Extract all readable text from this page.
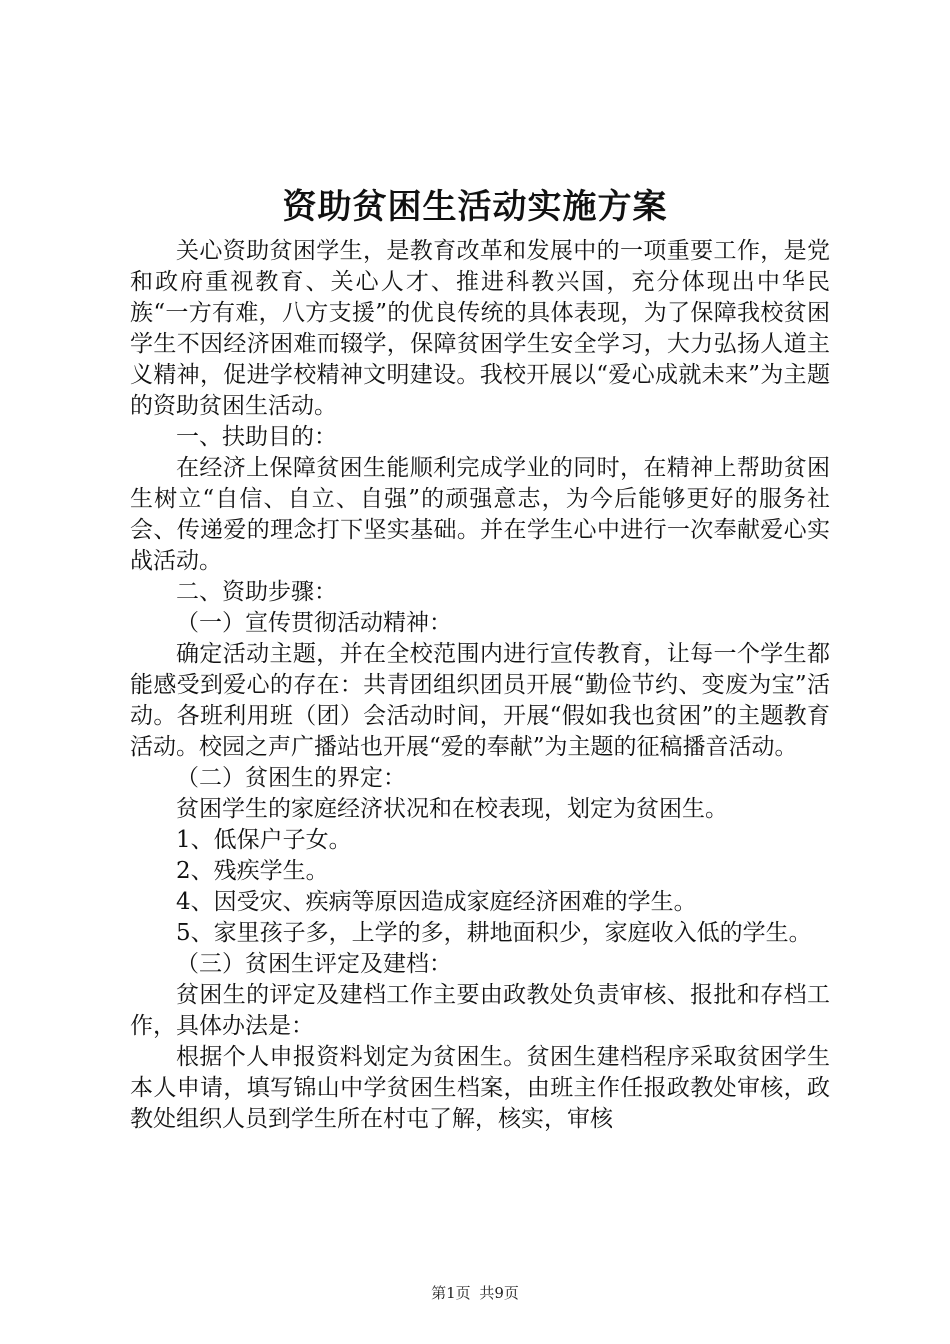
资助贫困生活动实施方案

关心资助贫困学生，是教育改革和发展中的一项重要工作，是党和政府重视教育、关心人才、推进科教兴国，充分体现出中华民族“一方有难，八方支援”的优良传统的具体表现，为了保障我校贫困学生不因经济困难而辍学，保障贫困学生安全学习，大力弘扬人道主义精神，促进学校精神文明建设。我校开展以“爱心成就未来”为主题的资助贫困生活动。

一、扶助目的：

在经济上保障贫困生能顺利完成学业的同时，在精神上帮助贫困生树立“自信、自立、自强”的顽强意志，为今后能够更好的服务社会、传递爱的理念打下坚实基础。并在学生心中进行一次奉献爱心实战活动。

二、资助步骤：

（一）宣传贯彻活动精神：

确定活动主题，并在全校范围内进行宣传教育，让每一个学生都能感受到爱心的存在：共青团组织团员开展“勤俭节约、变废为宝”活动。各班利用班（团）会活动时间，开展“假如我也贫困”的主题教育活动。校园之声广播站也开展“爱的奉献”为主题的征稿播音活动。

（二）贫困生的界定：

贫困学生的家庭经济状况和在校表现，划定为贫困生。

1、低保户子女。

2、残疾学生。

4、因受灾、疾病等原因造成家庭经济困难的学生。

5、家里孩子多，上学的多，耕地面积少，家庭收入低的学生。

（三）贫困生评定及建档：

贫困生的评定及建档工作主要由政教处负责审核、报批和存档工作，具体办法是：

根据个人申报资料划定为贫困生。贫困生建档程序采取贫困学生本人申请，填写锦山中学贫困生档案，由班主作任报政教处审核，政教处组织人员到学生所在村屯了解，核实，审核

第1页 共9页
